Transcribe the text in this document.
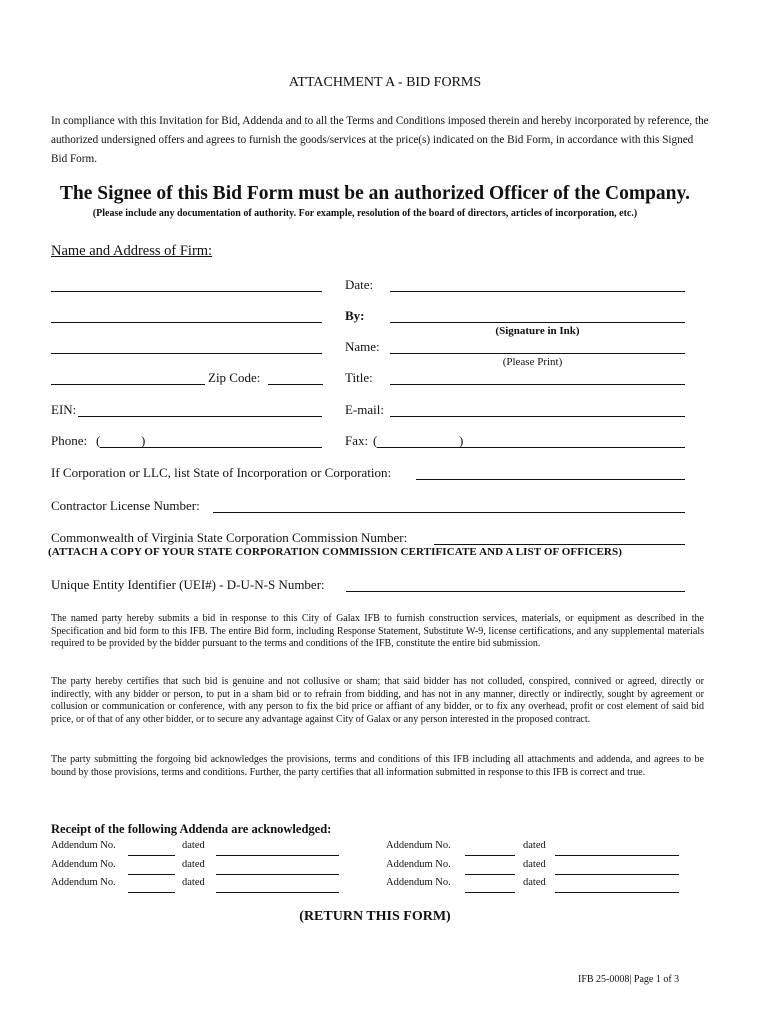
ATTACHMENT A - BID FORMS
In compliance with this Invitation for Bid, Addenda and to all the Terms and Conditions imposed therein and hereby incorporated by reference, the authorized undersigned offers and agrees to furnish the goods/services at the price(s) indicated on the Bid Form, in accordance with this Signed Bid Form.
The Signee of this Bid Form must be an authorized Officer of the Company.
(Please include any documentation of authority. For example, resolution of the board of directors, articles of incorporation, etc.)
Name and Address of Firm:
Zip Code:
Date:
By:
(Signature in Ink)
Name:
(Please Print)
Title:
EIN:	E-mail:
Phone: (	)	Fax: (	)
If Corporation or LLC, list State of Incorporation or Corporation:
Contractor License Number:
Commonwealth of Virginia State Corporation Commission Number:
(ATTACH A COPY OF YOUR STATE CORPORATION COMMISSION CERTIFICATE AND A LIST OF OFFICERS)
Unique Entity Identifier (UEI#) - D-U-N-S Number:
The named party hereby submits a bid in response to this City of Galax IFB to furnish construction services, materials, or equipment as described in the Specification and bid form to this IFB. The entire Bid form, including Response Statement, Substitute W-9, license certifications, and any supplemental materials required to be provided by the bidder pursuant to the terms and conditions of the IFB, constitute the entire bid submission.
The party hereby certifies that such bid is genuine and not collusive or sham; that said bidder has not colluded, conspired, connived or agreed, directly or indirectly, with any bidder or person, to put in a sham bid or to refrain from bidding, and has not in any manner, directly or indirectly, sought by agreement or collusion or communication or conference, with any person to fix the bid price or affiant of any bidder, or to fix any overhead, profit or cost element of said bid price, or of that of any other bidder, or to secure any advantage against City of Galax or any person interested in the proposed contract.
The party submitting the forgoing bid acknowledges the provisions, terms and conditions of this IFB including all attachments and addenda, and agrees to be bound by those provisions, terms and conditions. Further, the party certifies that all information submitted in response to this IFB is correct and true.
Receipt of the following Addenda are acknowledged:
Addendum No.	dated
Addendum No.	dated
Addendum No.	dated
Addendum No.	dated
Addendum No.	dated
Addendum No.	dated
(RETURN THIS FORM)
IFB 25-0008| Page 1 of 3
